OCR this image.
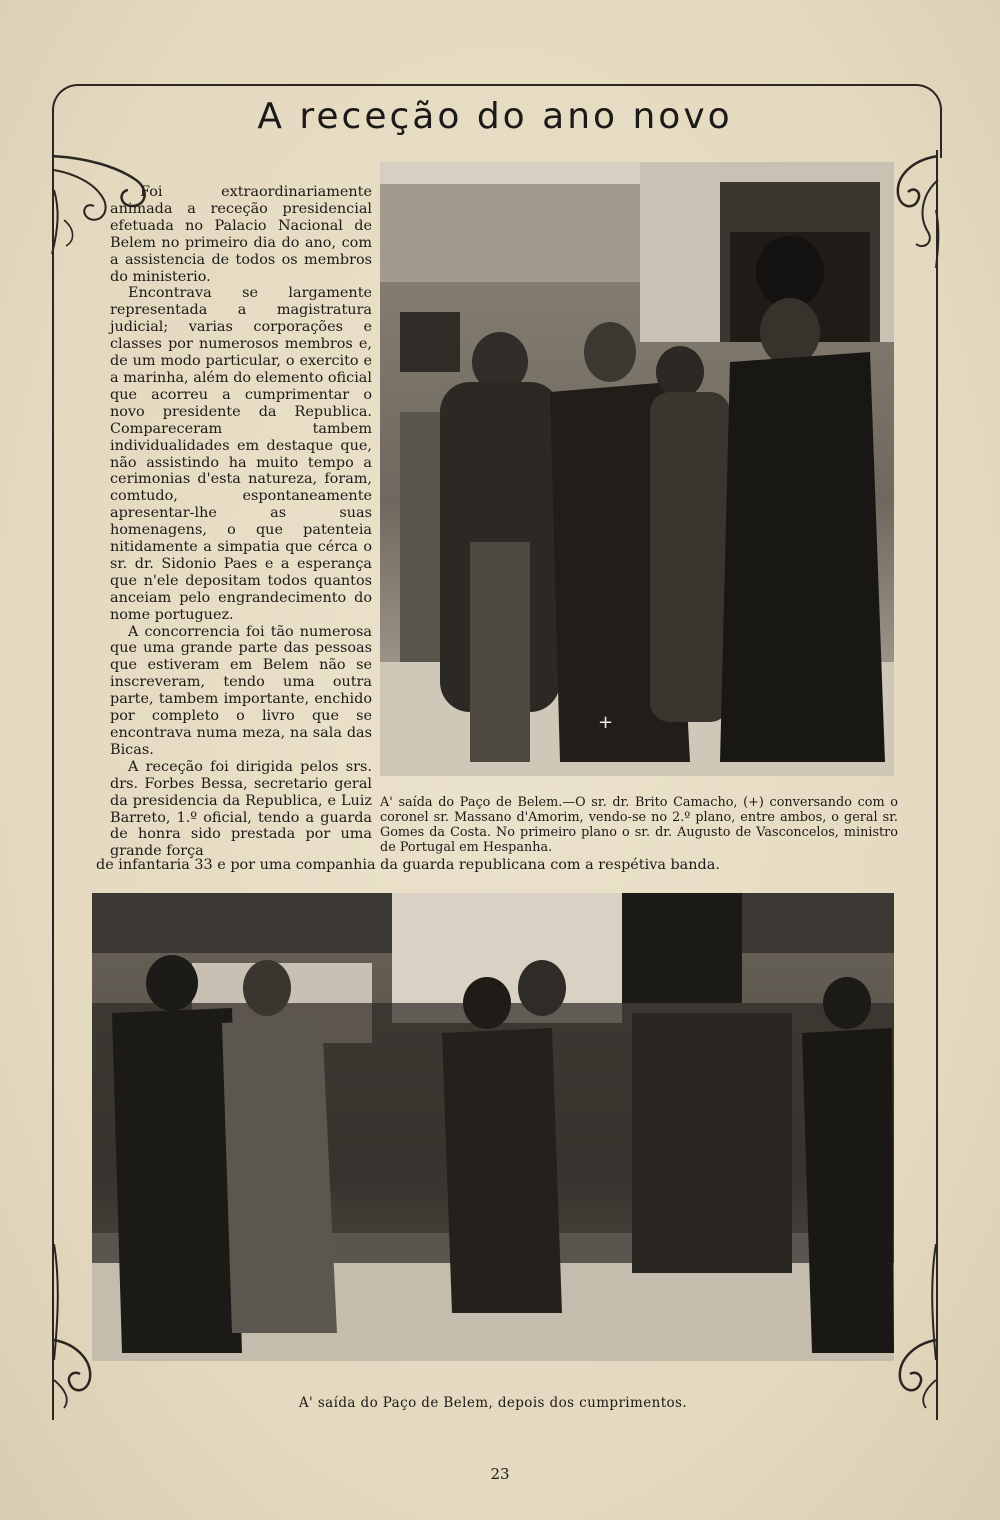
A receção do ano novo

Foi extraordinariamente animada a receção presidencial efetuada no Palacio Nacional de Belem no primeiro dia do ano, com a assistencia de todos os membros do ministerio.

Encontrava se largamente representada a magistratura judicial; varias corporações e classes por numerosos membros e, de um modo particular, o exercito e a marinha, além do elemento oficial que acorreu a cumprimentar o novo presidente da Republica. Compareceram tambem individualidades em destaque que, não assistindo ha muito tempo a cerimonias d'esta natureza, foram, comtudo, espontaneamente apresentar-lhe as suas homenagens, o que patenteia nitidamente a simpatia que cérca o sr. dr. Sidonio Paes e a esperança que n'ele depositam todos quantos anceiam pelo engrandecimento do nome portuguez.

A concorrencia foi tão numerosa que uma grande parte das pessoas que estiveram em Belem não se inscreveram, tendo uma outra parte, tambem importante, enchido por completo o livro que se encontrava numa meza, na sala das Bicas.

A receção foi dirigida pelos srs. drs. Forbes Bessa, secretario geral da presidencia da Republica, e Luiz Barreto, 1.º oficial, tendo a guarda de honra sido prestada por uma grande força

+
A' saída do Paço de Belem.—O sr. dr. Brito Camacho, (+) conversando com o coronel sr. Massano d'Amorim, vendo-se no 2.º plano, entre ambos, o geral sr. Gomes da Costa. No primeiro plano o sr. dr. Augusto de Vasconcelos, ministro de Portugal em Hespanha.
de infantaria 33 e por uma companhia da guarda republicana com a respétiva banda.
A' saída do Paço de Belem, depois dos cumprimentos.
23
